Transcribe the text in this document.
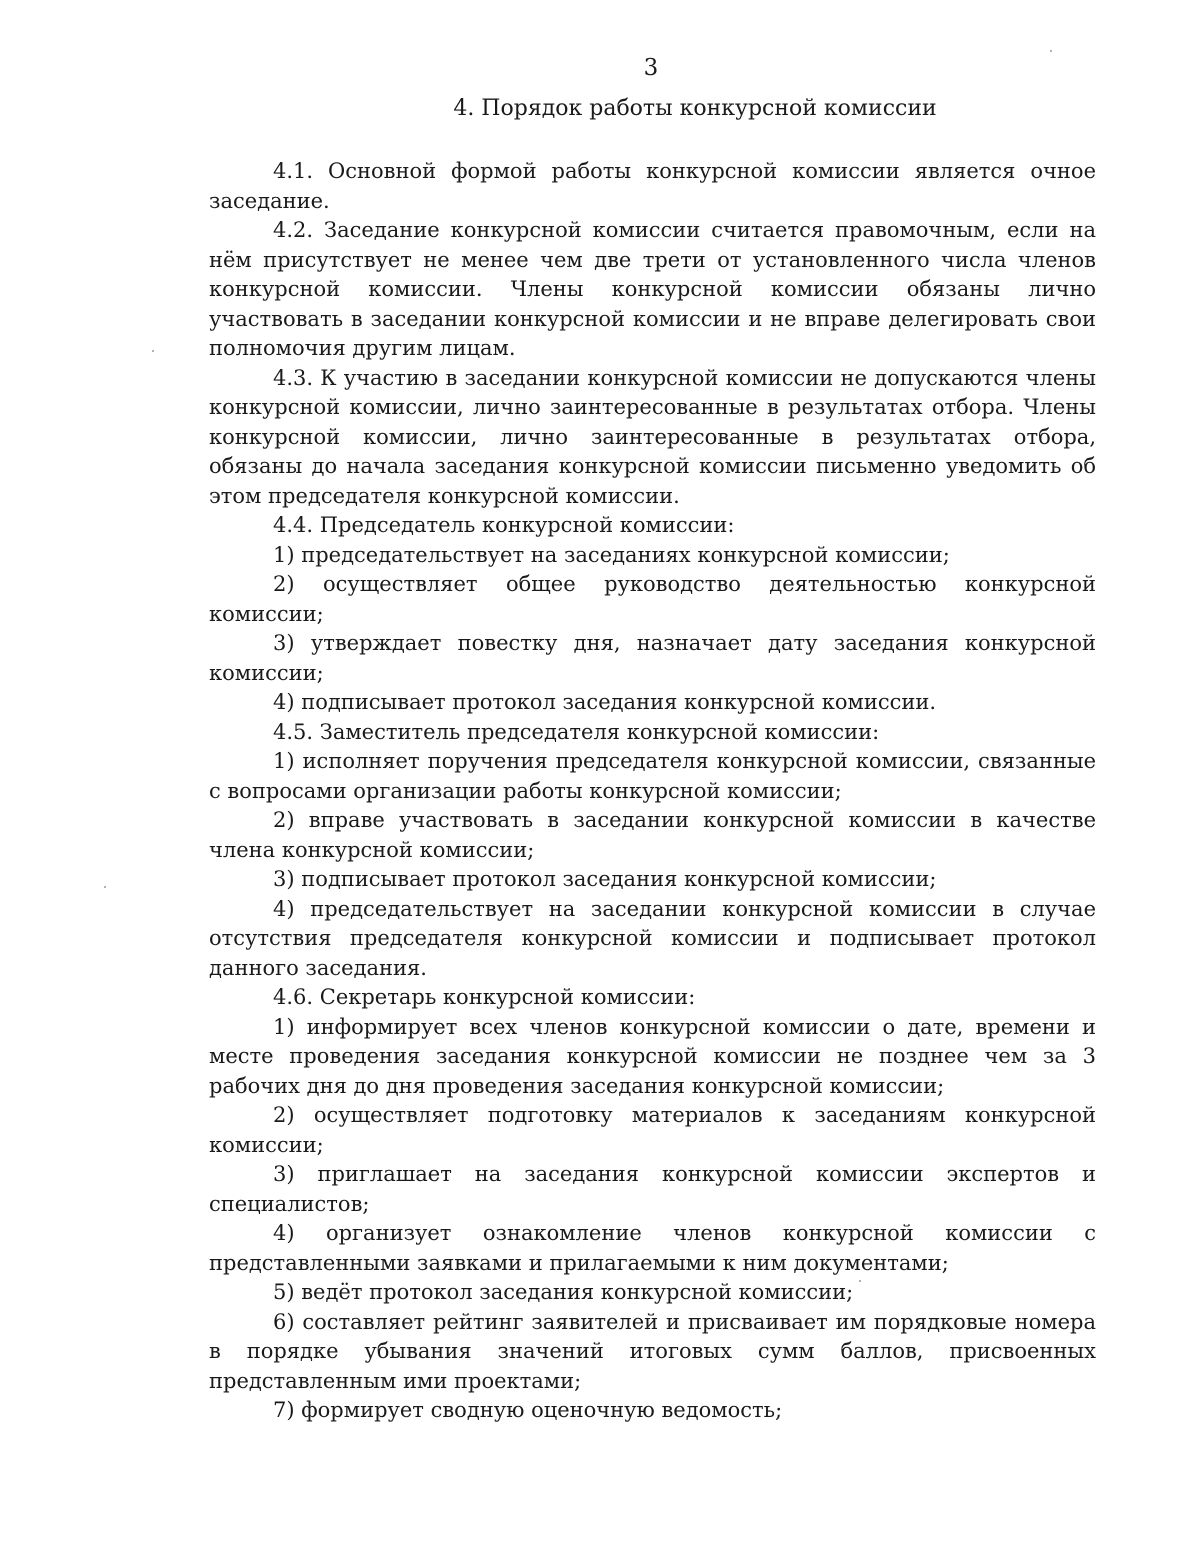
3
4. Порядок работы конкурсной комиссии

4.1. Основной формой работы конкурсной комиссии является очное заседание.

4.2. Заседание конкурсной комиссии считается правомочным, если на нём присутствует не менее чем две трети от установленного числа членов конкурсной комиссии. Члены конкурсной комиссии обязаны лично участвовать в заседании конкурсной комиссии и не вправе делегировать свои полномочия другим лицам.

4.3. К участию в заседании конкурсной комиссии не допускаются члены конкурсной комиссии, лично заинтересованные в результатах отбора. Члены конкурсной комиссии, лично заинтересованные в результатах отбора, обязаны до начала заседания конкурсной комиссии письменно уведомить об этом председателя конкурсной комиссии.

4.4. Председатель конкурсной комиссии:

1) председательствует на заседаниях конкурсной комиссии;

2) осуществляет общее руководство деятельностью конкурсной комиссии;

3) утверждает повестку дня, назначает дату заседания конкурсной комиссии;

4) подписывает протокол заседания конкурсной комиссии.

4.5. Заместитель председателя конкурсной комиссии:

1) исполняет поручения председателя конкурсной комиссии, связанные с вопросами организации работы конкурсной комиссии;

2) вправе участвовать в заседании конкурсной комиссии в качестве члена конкурсной комиссии;

3) подписывает протокол заседания конкурсной комиссии;

4) председательствует на заседании конкурсной комиссии в случае отсутствия председателя конкурсной комиссии и подписывает протокол данного заседания.

4.6. Секретарь конкурсной комиссии:

1) информирует всех членов конкурсной комиссии о дате, времени и месте проведения заседания конкурсной комиссии не позднее чем за 3 рабочих дня до дня проведения заседания конкурсной комиссии;

2) осуществляет подготовку материалов к заседаниям конкурсной комиссии;

3) приглашает на заседания конкурсной комиссии экспертов и специалистов;

4) организует ознакомление членов конкурсной комиссии с представленными заявками и прилагаемыми к ним документами;

5) ведёт протокол заседания конкурсной комиссии;

6) составляет рейтинг заявителей и присваивает им порядковые номера в порядке убывания значений итоговых сумм баллов, присвоенных представленным ими проектами;

7) формирует сводную оценочную ведомость;
